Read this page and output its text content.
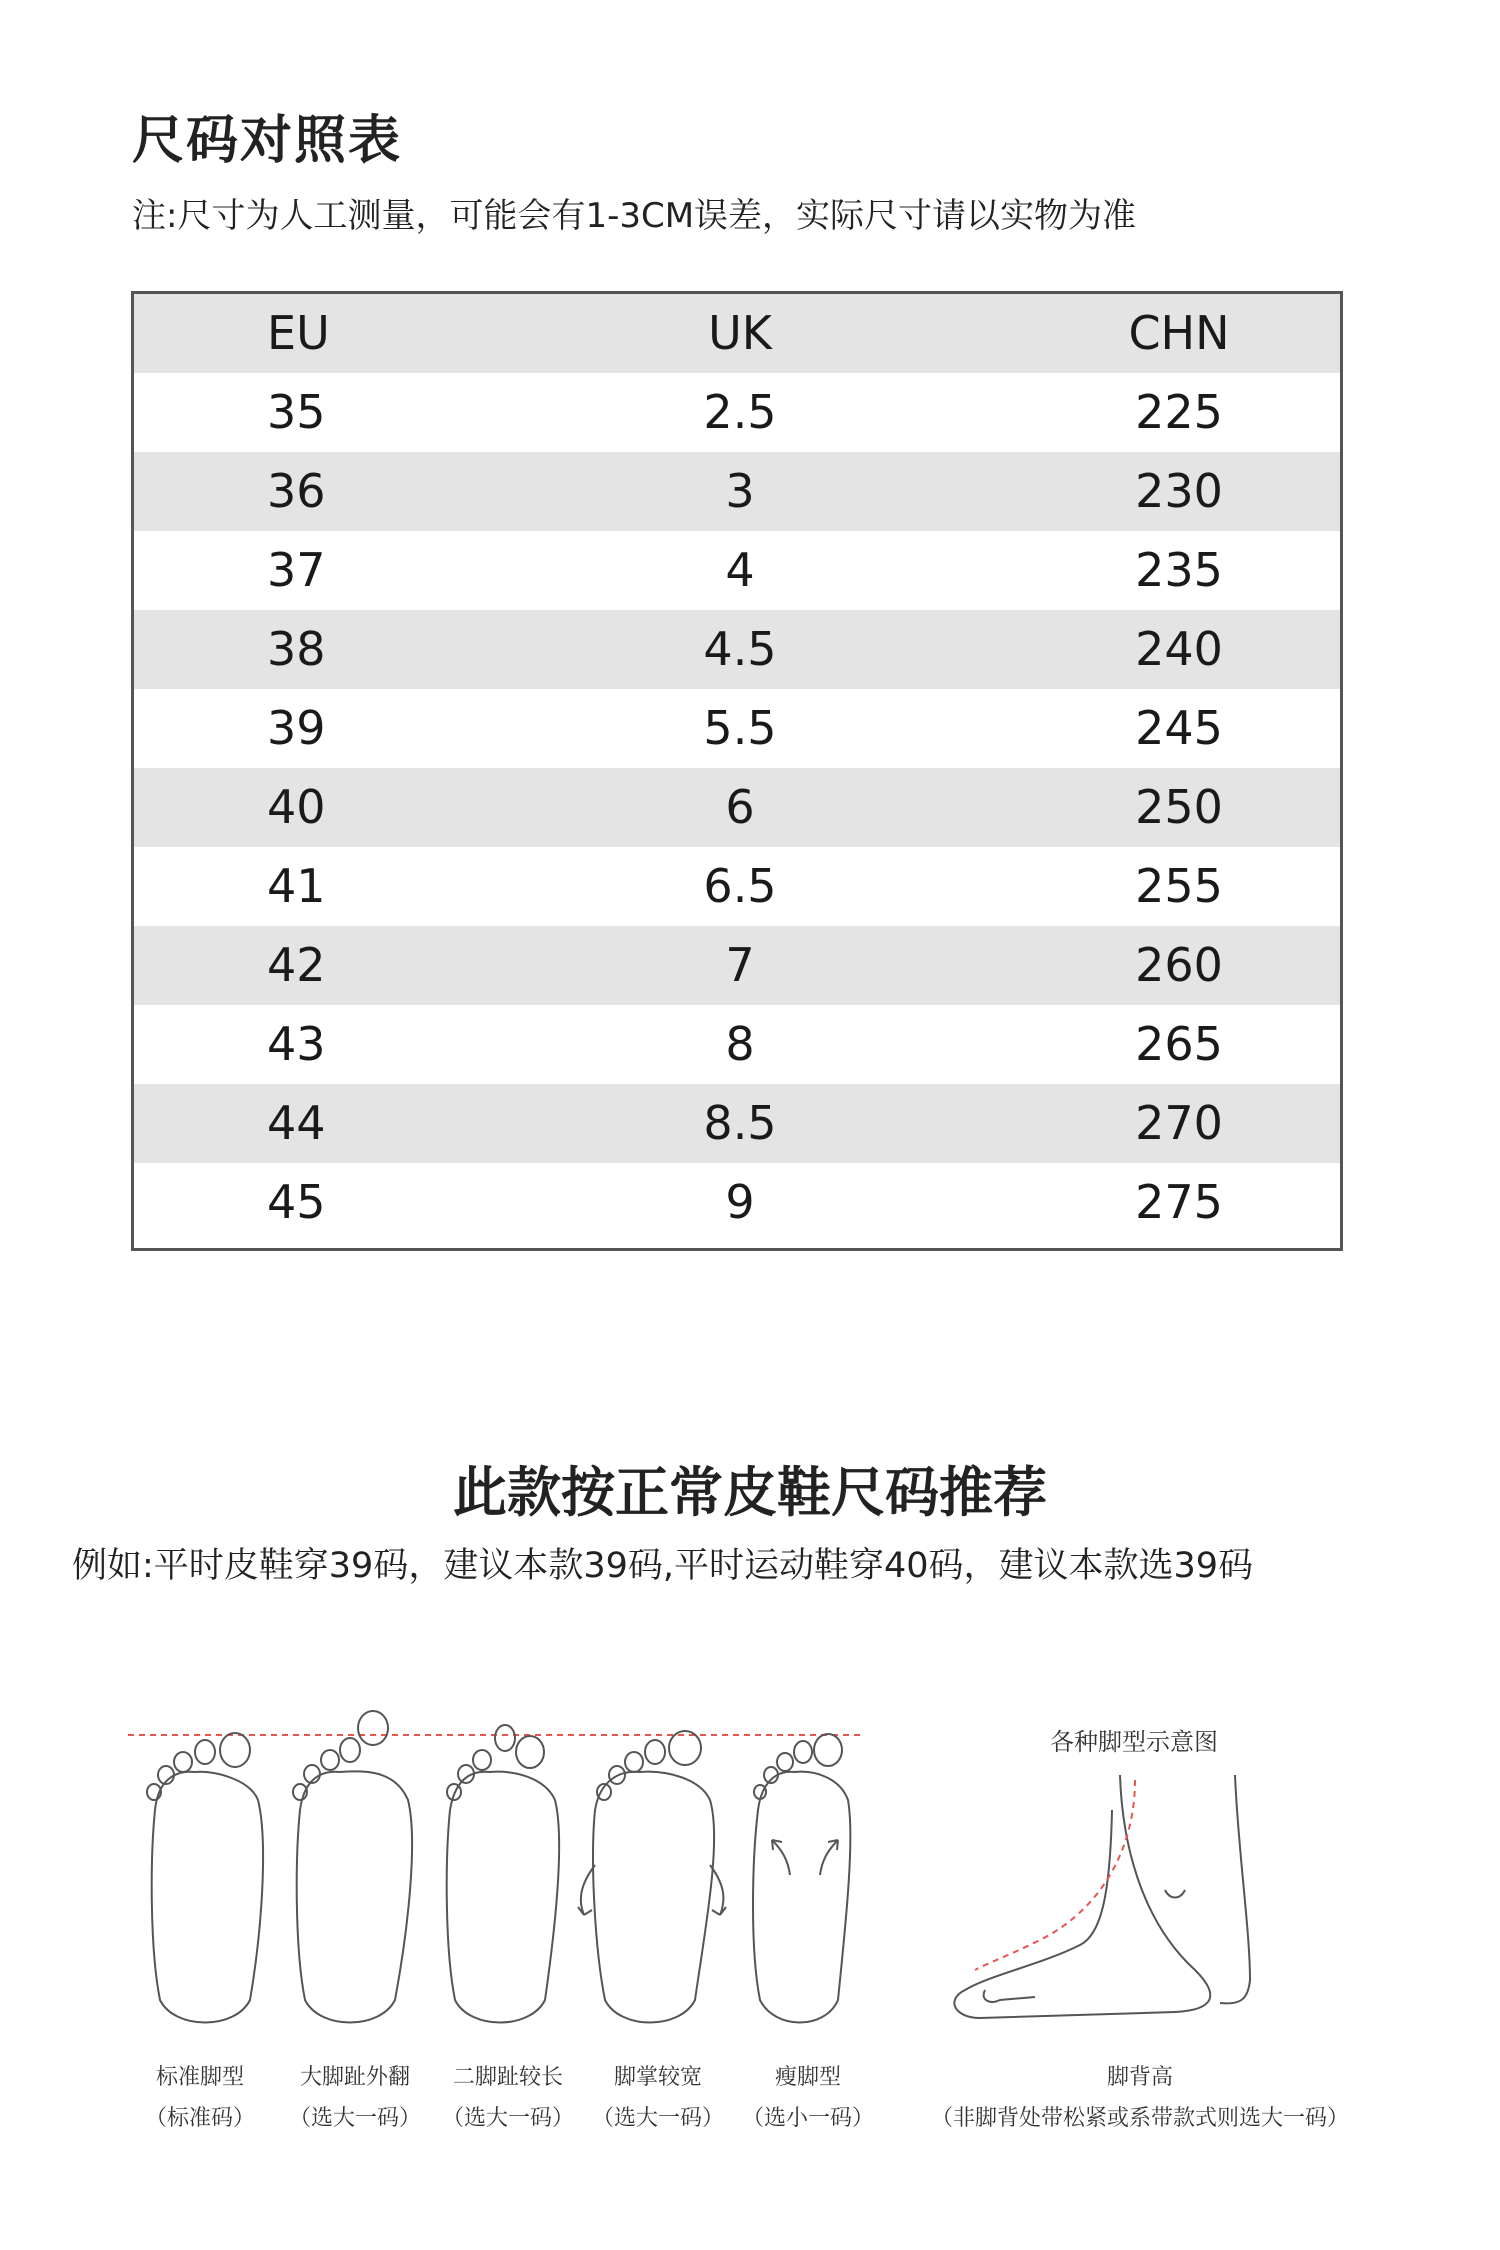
尺码对照表
注:尺寸为人工测量，可能会有1-3CM误差，实际尺寸请以实物为准
EU	UK	CHN
35	2.5	225
36	3	230
37	4	235
38	4.5	240
39	5.5	245
40	6	250
41	6.5	255
42	7	260
43	8	265
44	8.5	270
45	9	275
此款按正常皮鞋尺码推荐
例如:平时皮鞋穿39码，建议本款39码,平时运动鞋穿40码，建议本款选39码
各种脚型示意图
标准脚型
（标准码）
大脚趾外翻
（选大一码）
二脚趾较长
（选大一码）
脚掌较宽
（选大一码）
瘦脚型
（选小一码）
脚背高
（非脚背处带松紧或系带款式则选大一码）
